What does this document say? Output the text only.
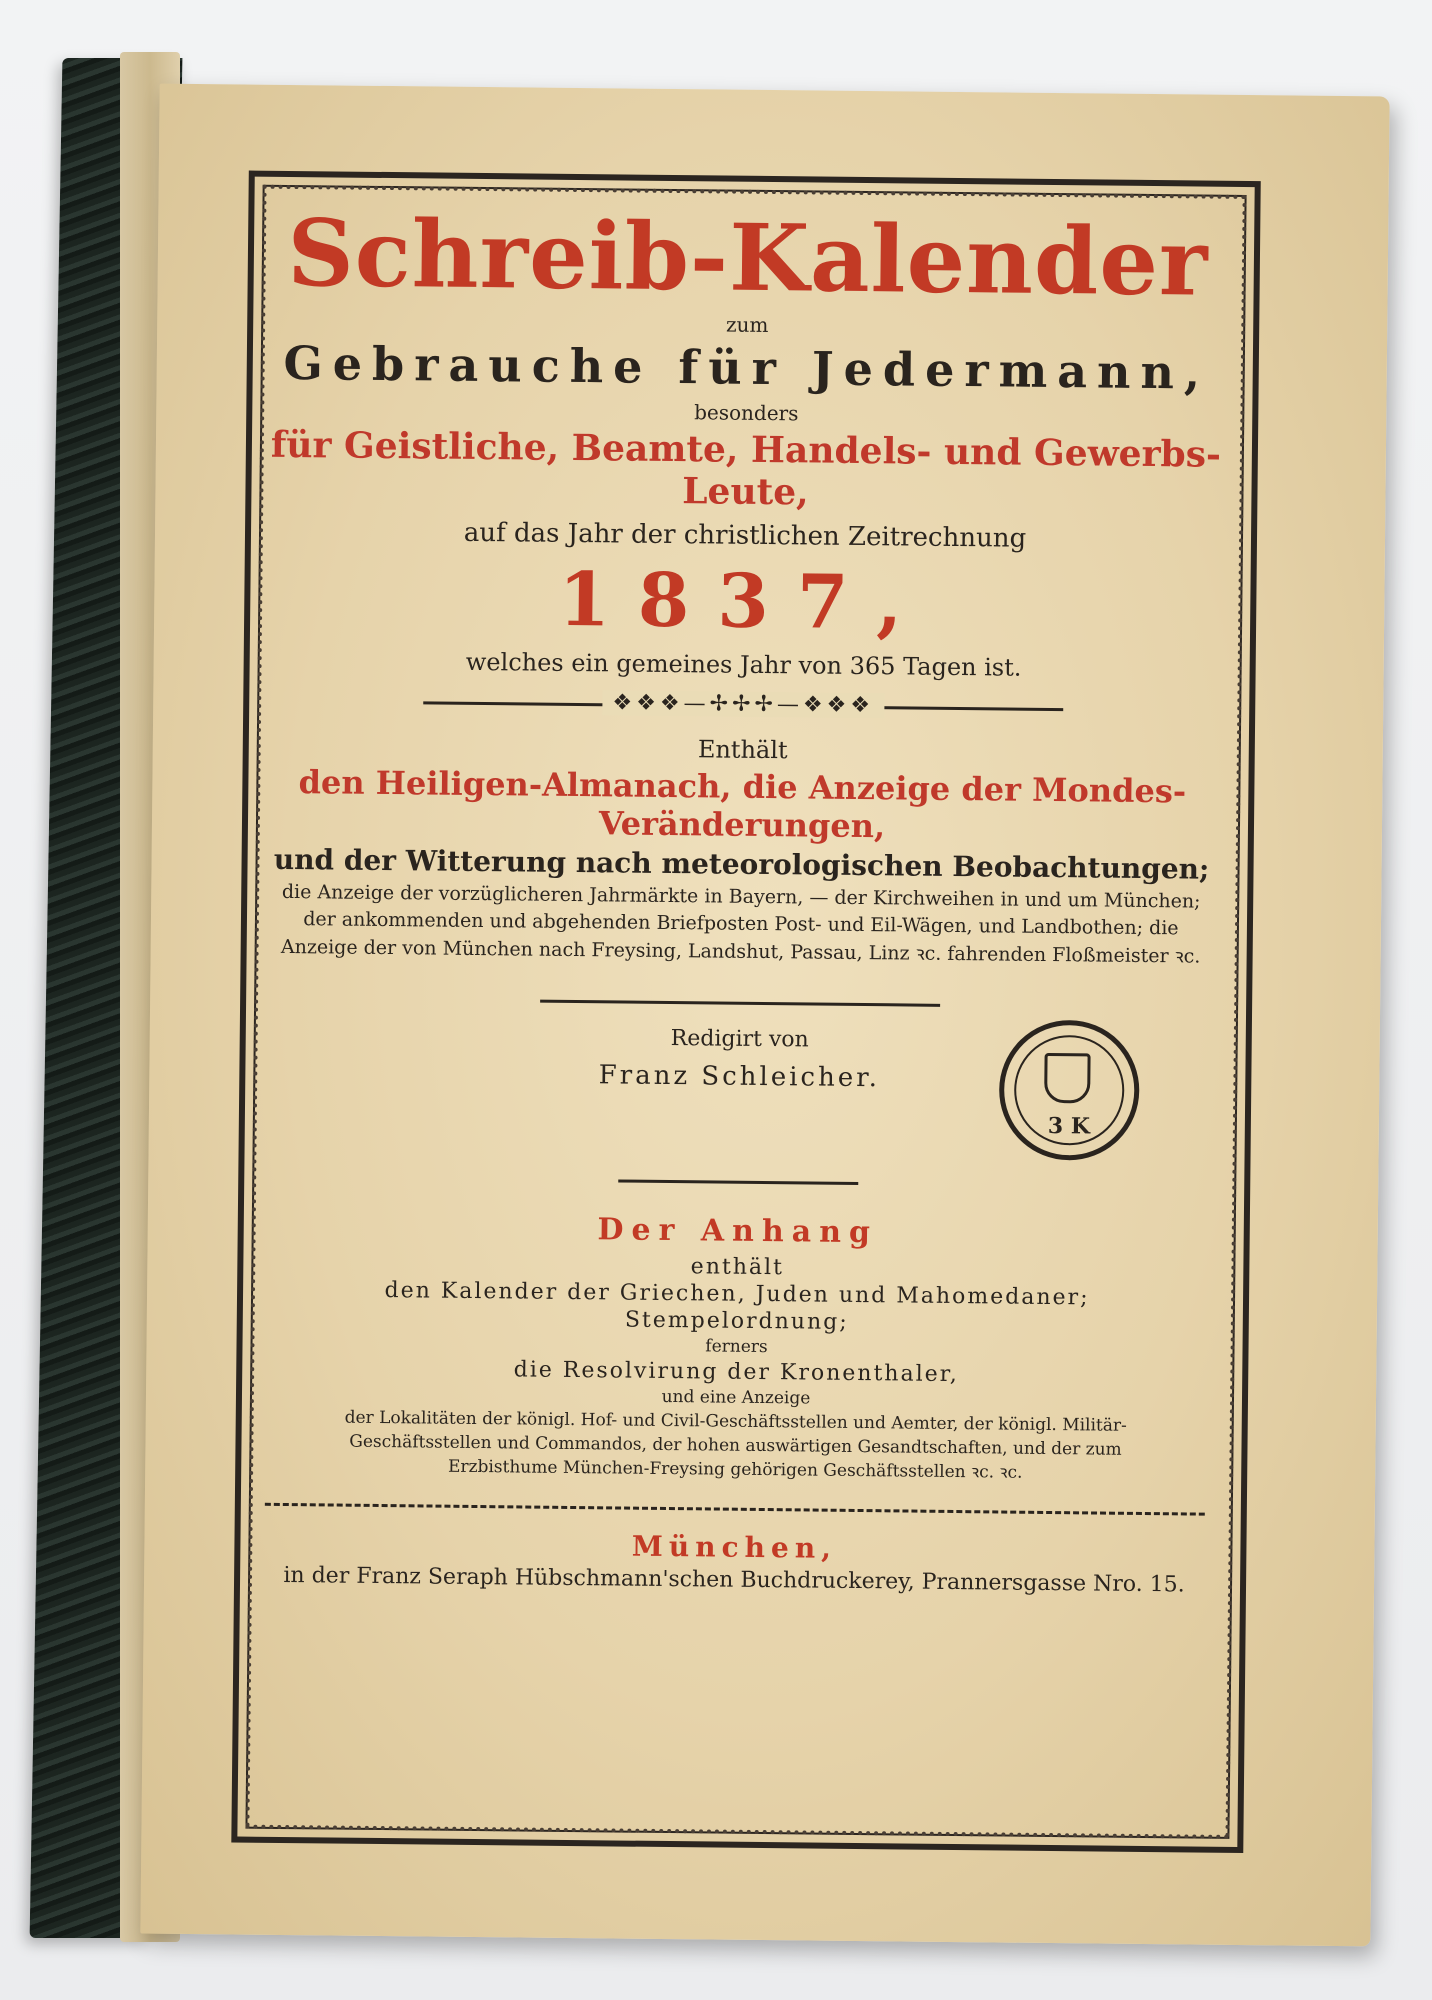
Schreib-Kalender

zum

Gebrauche für Jedermann,

besonders

für Geistliche, Beamte, Handels- und Gewerbs-Leute,

auf das Jahr der christlichen Zeitrechnung

1837,

welches ein gemeines Jahr von 365 Tagen ist.

❖❖❖—✢✢✢—❖❖❖

Enthält

den Heiligen-Almanach, die Anzeige der Mondes-Veränderungen,

und der Witterung nach meteorologischen Beobachtungen;

die Anzeige der vorzüglicheren Jahrmärkte in Bayern, — der Kirchweihen in und um München;

der ankommenden und abgehenden Briefposten Post- und Eil-Wägen, und Landbothen; die

Anzeige der von München nach Freysing, Landshut, Passau, Linz ꝛc. fahrenden Floßmeister ꝛc.

Redigirt von

Franz Schleicher.

3 K

Der Anhang

enthält

den Kalender der Griechen, Juden und Mahomedaner;

Stempelordnung;

ferners

die Resolvirung der Kronenthaler,

und eine Anzeige

der Lokalitäten der königl. Hof- und Civil-Geschäftsstellen und Aemter, der königl. Militär-

Geschäftsstellen und Commandos, der hohen auswärtigen Gesandtschaften, und der zum

Erzbisthume München-Freysing gehörigen Geschäftsstellen ꝛc. ꝛc.

München,

in der Franz Seraph Hübschmann'schen Buchdruckerey, Prannersgasse Nro. 15.
